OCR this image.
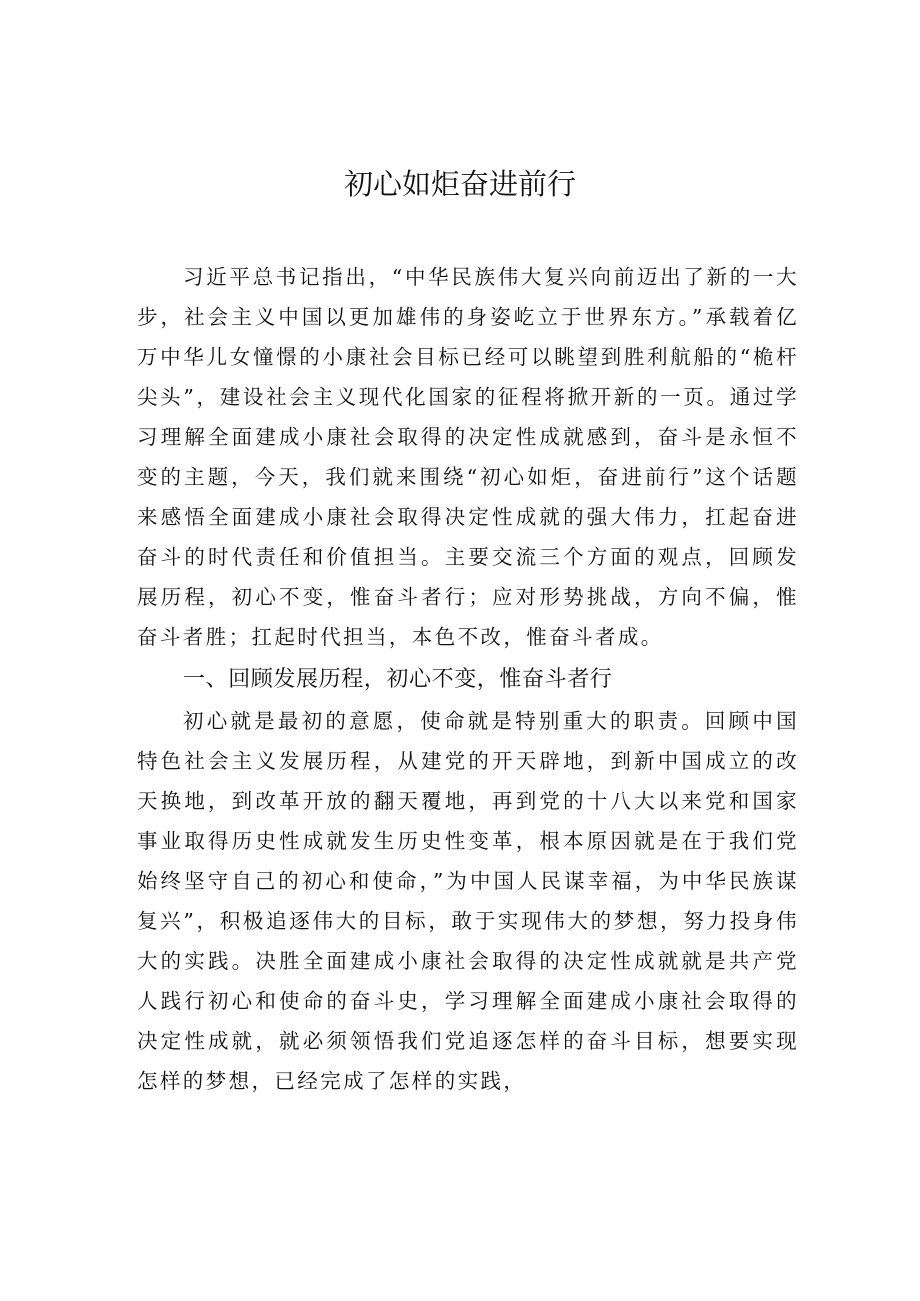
初心如炬奋进前行

习近平总书记指出，“中华民族伟大复兴向前迈出了新的一大步，社会主义中国以更加雄伟的身姿屹立于世界东方。”承载着亿万中华儿女憧憬的小康社会目标已经可以眺望到胜利航船的“桅杆尖头”，建设社会主义现代化国家的征程将掀开新的一页。通过学习理解全面建成小康社会取得的决定性成就感到，奋斗是永恒不变的主题，今天，我们就来围绕“初心如炬，奋进前行”这个话题来感悟全面建成小康社会取得决定性成就的强大伟力，扛起奋进奋斗的时代责任和价值担当。主要交流三个方面的观点，回顾发展历程，初心不变，惟奋斗者行；应对形势挑战，方向不偏，惟奋斗者胜；扛起时代担当，本色不改，惟奋斗者成。

一、回顾发展历程，初心不变，惟奋斗者行

初心就是最初的意愿，使命就是特别重大的职责。回顾中国特色社会主义发展历程，从建党的开天辟地，到新中国成立的改天换地，到改革开放的翻天覆地，再到党的十八大以来党和国家事业取得历史性成就发生历史性变革，根本原因就是在于我们党始终坚守自己的初心和使命，”为中国人民谋幸福，为中华民族谋复兴”，积极追逐伟大的目标，敢于实现伟大的梦想，努力投身伟大的实践。决胜全面建成小康社会取得的决定性成就就是共产党人践行初心和使命的奋斗史，学习理解全面建成小康社会取得的决定性成就，就必须领悟我们党追逐怎样的奋斗目标，想要实现怎样的梦想，已经完成了怎样的实践，
